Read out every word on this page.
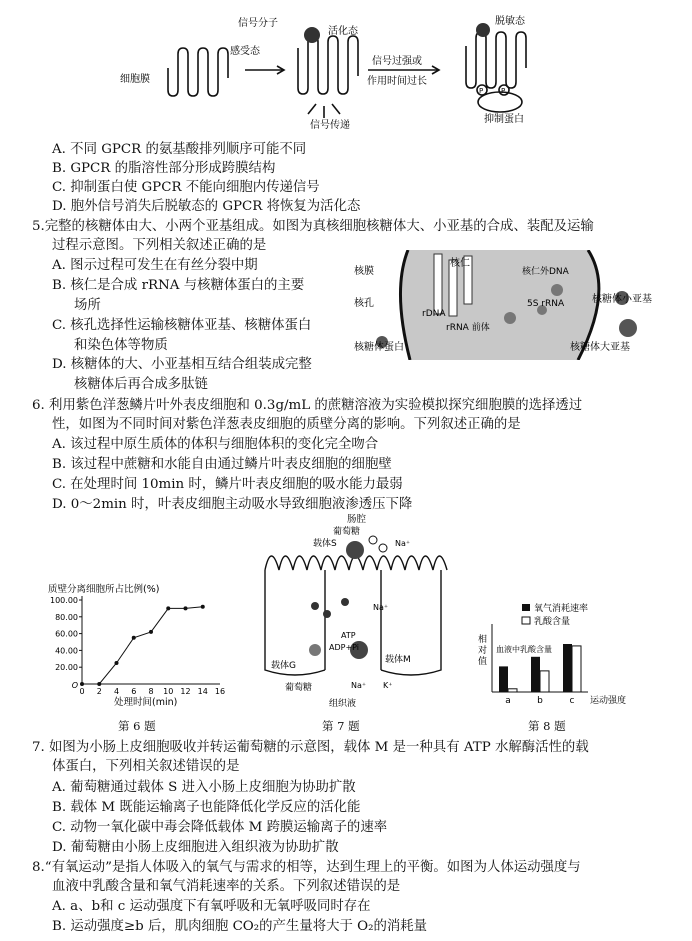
感受态
细胞膜
信号分子
活化态
信号传递
信号过强或
作用时间过长
脱敏态
P	P
抑制蛋白
A. 不同 GPCR 的氨基酸排列顺序可能不同
B. GPCR 的脂溶性部分形成跨膜结构
C. 抑制蛋白使 GPCR 不能向细胞内传递信号
D. 胞外信号消失后脱敏态的 GPCR 将恢复为活化态
5.完整的核糖体由大、小两个亚基组成。如图为真核细胞核糖体大、小亚基的合成、装配及运输
过程示意图。下列相关叙述正确的是
A. 图示过程可发生在有丝分裂中期
B. 核仁是合成 rRNA 与核糖体蛋白的主要
场所
C. 核孔选择性运输核糖体亚基、核糖体蛋白
和染色体等物质
D. 核糖体的大、小亚基相互结合组装成完整
核糖体后再合成多肽链
核膜
核仁
核仁外DNA
核孔
rDNA
5S rRNA
rRNA 前体
核糖体小亚基
核糖体蛋白	核糖体大亚基
6. 利用紫色洋葱鳞片叶外表皮细胞和 0.3g/mL 的蔗糖溶液为实验模拟探究细胞膜的选择透过
性，如图为不同时间对紫色洋葱表皮细胞的质壁分离的影响。下列叙述正确的是
A. 该过程中原生质体的体积与细胞体积的变化完全吻合
B. 该过程中蔗糖和水能自由通过鳞片叶表皮细胞的细胞壁
C. 在处理时间 10min 时，鳞片叶表皮细胞的吸水能力最弱
D. 0～2min 时，叶表皮细胞主动吸水导致细胞液渗透压下降
质壁分离细胞所占比例(%)
20.00
40.00
60.00
80.00
100.00
0 2 4 6 8 10 12 14 16
O
处理时间(min)
第 6 题
肠腔
葡萄糖
载体S	Na⁺
Na⁺
ATP
ADP+Pi
载体G
载体M
葡萄糖
组织液
Na⁺ K⁺
第 7 题
氧气消耗速率
乳酸含量
相
对
值
血液中乳酸含量
a	b	c 运动强度
第 8 题
7. 如图为小肠上皮细胞吸收并转运葡萄糖的示意图，载体 M 是一种具有 ATP 水解酶活性的载
体蛋白，下列相关叙述错误的是
A. 葡萄糖通过载体 S 进入小肠上皮细胞为协助扩散
B. 载体 M 既能运输离子也能降低化学反应的活化能
C. 动物一氧化碳中毒会降低载体 M 跨膜运输离子的速率
D. 葡萄糖由小肠上皮细胞进入组织液为协助扩散
8.“有氧运动”是指人体吸入的氧气与需求的相等，达到生理上的平衡。如图为人体运动强度与
血液中乳酸含量和氧气消耗速率的关系。下列叙述错误的是
A. a、b和 c 运动强度下有氧呼吸和无氧呼吸同时存在
B. 运动强度≥b 后，肌肉细胞 CO₂的产生量将大于 O₂的消耗量
